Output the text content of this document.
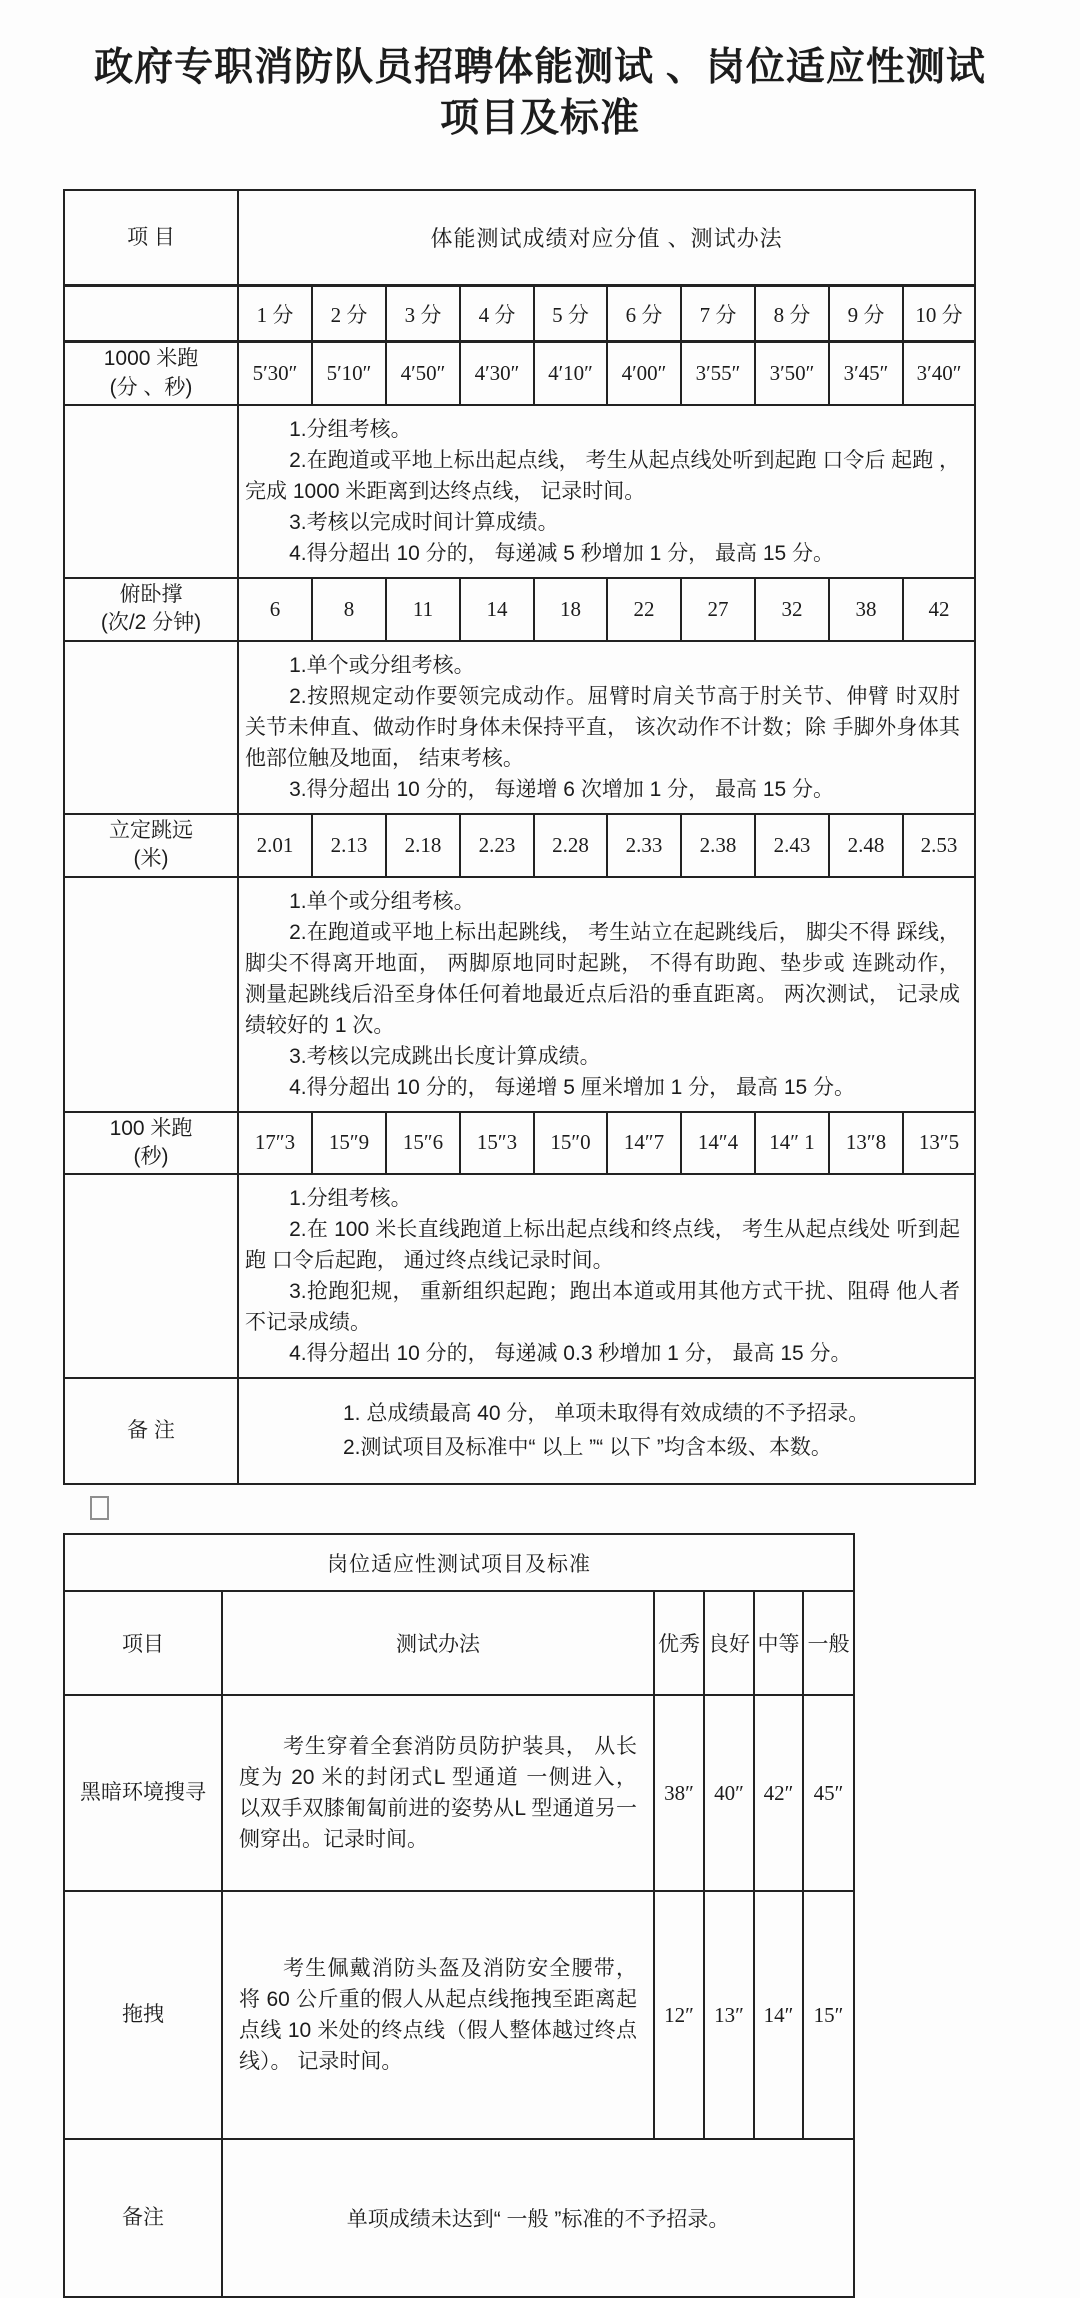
政府专职消防队员招聘体能测试 、岗位适应性测试
项目及标准
项 目	体能测试成绩对应分值 、测试办法									
	1 分	2 分	3 分	4 分	5 分	6 分	7 分	8 分	9 分	10 分
1000 米跑
(分 、秒)	5′30″	5′10″	4′50″	4′30″	4′10″	4′00″	3′55″	3′50″	3′45″	3′40″

	1.分组考核。

2.在跑道或平地上标出起点线， 考生从起点线处听到起跑 口令后 起跑 ，完成 1000 米距离到达终点线， 记录时间。

3.考核以完成时间计算成绩。

4.得分超出 10 分的， 每递减 5 秒增加 1 分， 最高 15 分。									

俯卧撑
(次/2 分钟)	6	8	11	14	18	22	27	32	38	42

	1.单个或分组考核。

2.按照规定动作要领完成动作。屈臂时肩关节高于肘关节、伸臂 时双肘关节未伸直、做动作时身体未保持平直， 该次动作不计数；除 手脚外身体其他部位触及地面， 结束考核。

3.得分超出 10 分的， 每递增 6 次增加 1 分， 最高 15 分。									

立定跳远
(米)	2.01	2.13	2.18	2.23	2.28	2.33	2.38	2.43	2.48	2.53

	1.单个或分组考核。

2.在跑道或平地上标出起跳线， 考生站立在起跳线后， 脚尖不得 踩线， 脚尖不得离开地面， 两脚原地同时起跳， 不得有助跑、垫步或 连跳动作， 测量起跳线后沿至身体任何着地最近点后沿的垂直距离。 两次测试， 记录成绩较好的 1 次。

3.考核以完成跳出长度计算成绩。

4.得分超出 10 分的， 每递增 5 厘米增加 1 分， 最高 15 分。									

100 米跑
(秒)	17″3	15″9	15″6	15″3	15″0	14″7	14″4	14″ 1	13″8	13″5

	1.分组考核。

2.在 100 米长直线跑道上标出起点线和终点线， 考生从起点线处 听到起跑 口令后起跑， 通过终点线记录时间。

3.抢跑犯规， 重新组织起跑；跑出本道或用其他方式干扰、阻碍 他人者不记录成绩。

4.得分超出 10 分的， 每递减 0.3 秒增加 1 分， 最高 15 分。									

备 注	1. 总成绩最高 40 分， 单项未取得有效成绩的不予招录。

2.测试项目及标准中“ 以上 ”“ 以下 ”均含本级、本数。									

岗位适应性测试项目及标准					
项目	测试办法	优秀	良好	中等	一般
黑暗环境搜寻	考生穿着全套消防员防护装具， 从长度为 20 米的封闭式L 型通道 一侧进入， 以双手双膝匍匐前进的姿势从L 型通道另一侧穿出。记录时间。	38″	40″	42″	45″
拖拽	考生佩戴消防头盔及消防安全腰带， 将 60 公斤重的假人从起点线拖拽至距离起点线 10 米处的终点线（假人整体越过终点线）。 记录时间。	12″	13″	14″	15″
备注	单项成绩未达到“ 一般 ”标准的不予招录。				
